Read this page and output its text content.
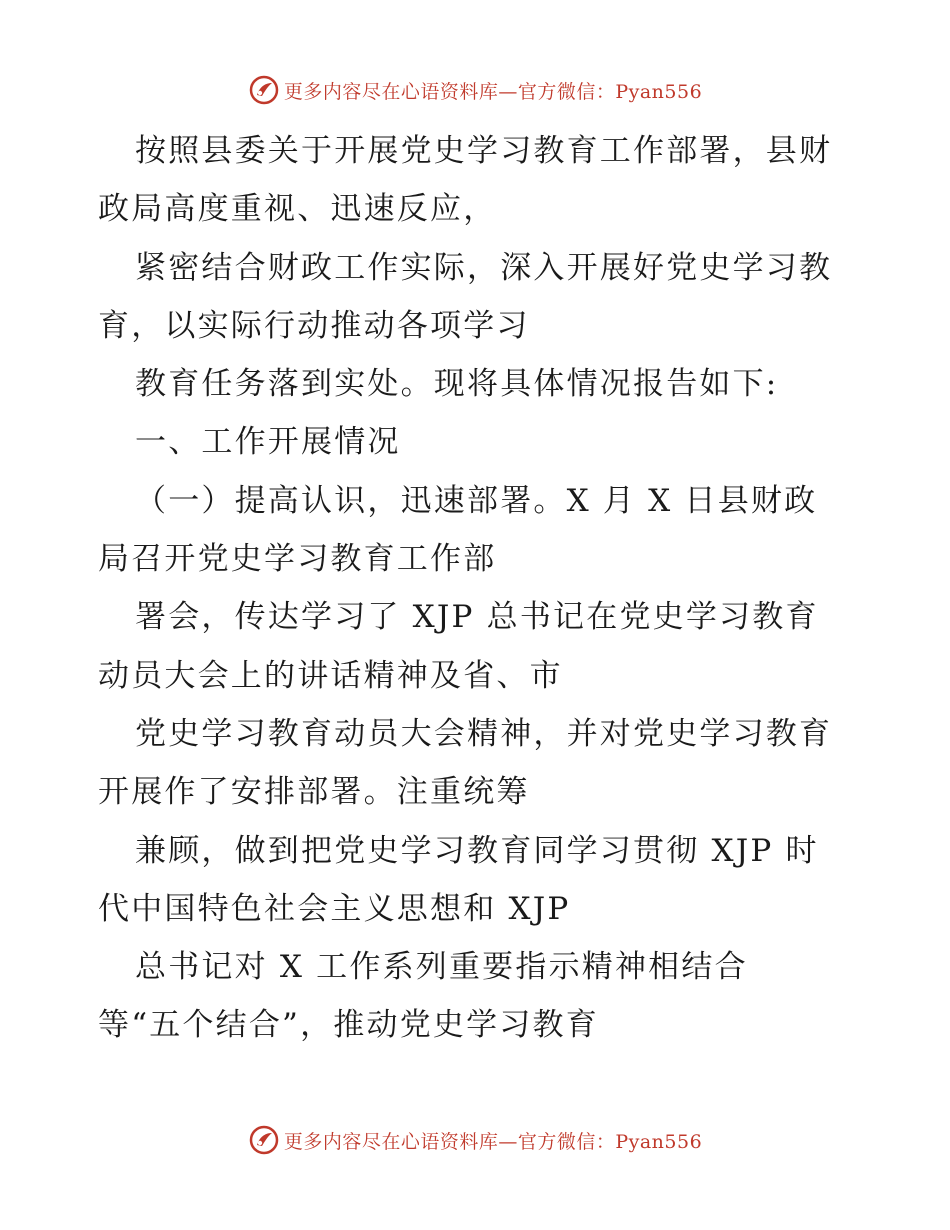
更多内容尽在心语资料库—官方微信：Pyan556
按照县委关于开展党史学习教育工作部署，县财
政局高度重视、迅速反应，
紧密结合财政工作实际，深入开展好党史学习教
育，以实际行动推动各项学习
教育任务落到实处。现将具体情况报告如下:
一、工作开展情况
（一）提高认识，迅速部署。X 月 X 日县财政
局召开党史学习教育工作部
署会，传达学习了 XJP 总书记在党史学习教育
动员大会上的讲话精神及省、市
党史学习教育动员大会精神，并对党史学习教育
开展作了安排部署。注重统筹
兼顾，做到把党史学习教育同学习贯彻 XJP 时
代中国特色社会主义思想和 XJP
总书记对 X 工作系列重要指示精神相结合
等“五个结合”，推动党史学习教育
更多内容尽在心语资料库—官方微信：Pyan556
